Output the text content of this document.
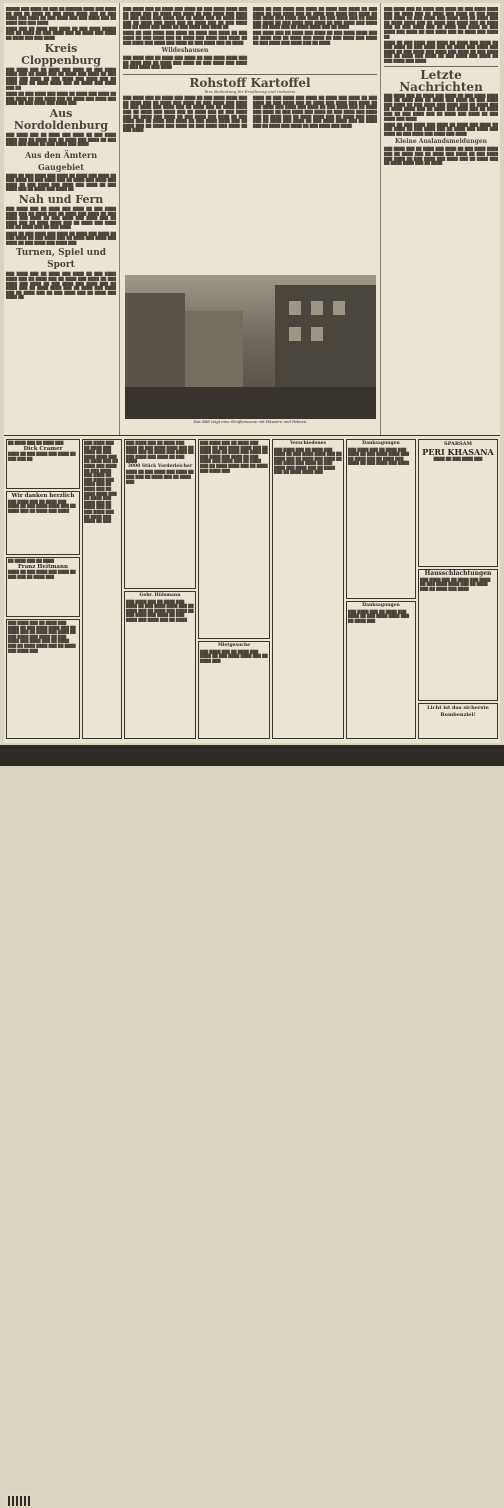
█████ ███ ████ ██ ███ ██ ██████ ████ ███ ████ ██ ███ ██ ████ ██ ███ ████ ████ ███ ██ ███ ████ ███ ████ ██ ███ ████ ███ ███ ████ ███ ██ ████ ███ ███ ████

████ ███ ██ ████ ███ ████ ██ ███ ████ █████ ███ ██ ████ ██ ███ ████ ███ ██ ████ ███ ████ ██ ████ ███ ███ ████

Kreis Cloppenburg

███ ████ ███ ██ ████ ███ ████ ██ ███ ████ ████ ███ ██ ████ ███ ██ ████ ███ ████ ██ ███ ████ ███ ████ ██ ███ ████ ███ ████ ███ ██ ████ ███ ██ ████ ████ ███ ██ ████ ███ ████ ███ ██

████ ██ ███ ████ ███ ████ ██ ████ ███ ████ ██ ███ ████ ██ ███ ████ ███ ██ ████ ███ ████ ███ ████ ██ ███ ████ ███ ████ ███

Aus Nordoldenburg

███ ████ ███ ██ ████ ███ ████ ██ ███ ████ ████ ███ ██ ████ ███ ██ ████ ███ ████ ██ ███ ████ ███ ████ ██ ███ ████ ███ ████

Aus den Ämtern Gaugebiet

████ ██ ███ ████ ███ ████ ██ ████ ███ ████ ██ ███ ████ ██ ███ ████ ███ ██ ████ ███ ████ ███ ████ ██ ███ ████ ███ ████ ███ ████ ██ ███ ████ ███ ██ ████ ███ ████ ██

Nah und Fern

███ ████ ███ ██ ████ ███ ████ ██ ███ ████ ████ ███ ██ ████ ███ ██ ████ ███ ████ ██ ███ ████ ███ ████ ██ ███ ████ ███ ████ ███ ██ ████ ███ ██ ████ ████ ███ ██ ████ ███ ████ ███ ██ ████ ███ ██ ███ ████

████ ██ ███ ████ ███ ████ ██ ████ ███ ████ ██ ███ ████ ██ ███ ████ ███ ██ ████ ███ ████ ███ ████ ██ ███ ████ ███ ████ ███

Turnen, Spiel und Sport

███ ████ ███ ██ ████ ███ ████ ██ ███ ████ ████ ███ ██ ████ ███ ██ ████ ███ ████ ██ ███ ████ ███ ████ ██ ███ ████ ███ ████ ███ ██ ████ ███ ██ ████ ████ ███ ██ ████ ███ ████ ███ ██ ████ ███ ██ ███ ████ ███ ██ ████ ███ ████ ██

███ ████ ███ ██ ████ ███ ████ ██ ███ ████ ████ ███ ██ ████ ███ ██ ████ ███ ████ ██ ███ ████ ███ ████ ██ ███ ████ ███ ████ ███ ██ ████ ███ ██ ████ ████ ███ ██ ████ ███ ████ ███ ██ ████ ███ ██ ███ ████ ███ ██ ████ ███ ████ ██ ███ ████ ███ ████ ██

████ ██ ███ ████ ███ ████ ██ ████ ███ ████ ██ ███ ████ ██ ███ ████ ███ ██ ████ ███ ████ ███ ████ ██ ███ ████ ███ ████ ███ ████ ██ ███ ████ ███ ██ ████

Wildeshausen

███ ████ ███ ██ ████ ███ ████ ██ ███ ████ ████ ███ ██ ████ ███ ██ ████ ███ ████ ██ ███ ████ ███ ████ ██ ███ ████ ███ ████

████ ██ ███ ████ ███ ████ ██ ████ ███ ████ ██ ███ ████ ██ ███ ████ ███ ██ ████ ███ ████ ███ ████ ██ ███ ████ ███ ████ ███ ████ ██ ███ ████ ███ ██ ████ ███ ████ ██ ███ ████ ███ ████ ██ ███ ████ ███ ████ ███ ██ ████ ███ ██ ████ ████ ███ ██ ████

███ ████ ███ ██ ████ ███ ████ ██ ███ ████ ████ ███ ██ ████ ███ ██ ████ ███ ████ ██ ███ ████ ███ ████ ██ ███ ████ ███ ████ ███ ██ ████

Rohstoff Kartoffel
Ihre Bedeutung für Ernährung und Industrie

███ ████ ███ ██ ████ ███ ████ ██ ███ ████ ████ ███ ██ ████ ███ ██ ████ ███ ████ ██ ███ ████ ███ ████ ██ ███ ████ ███ ████ ███ ██ ████ ███ ██ ████ ████ ███ ██ ████ ███ ████ ███ ██ ████ ███ ██ ███ ████ ███ ██ ████ ███ ████ ██ ███ ████ ███ ████ ██ ███ ████ ███ ██ ████ ███ ████ ██ ███ ████ ████ ███ ██ ████ ███ ██ ████ ███ ████ ██ ███ ████ ███ ████ ██ ███ ████

████ ██ ███ ████ ███ ████ ██ ████ ███ ████ ██ ███ ████ ██ ███ ████ ███ ██ ████ ███ ████ ███ ████ ██ ███ ████ ███ ████ ███ ████ ██ ███ ████ ███ ██ ████ ███ ████ ██ ███ ████ ███ ████ ██ ███ ████ ███ ████ ███ ██ ████ ███ ██ ████ ████ ███ ██ ████ ███ ████ ███ ██ ████ ███ ████ ██ ███ ████ ████ ███ ██ ████ ███ ██ ████ ███ ████ ██ ███ ████ ███ ████

Das Bild zeigt eine Straßenszene mit Häusern und Fahnen.

███ ████ ███ ██ ████ ███ ████ ██ ███ ████ ████ ███ ██ ████ ███ ██ ████ ███ ████ ██ ███ ████ ███ ████ ██ ███ ████ ███ ████ ███ ██ ████ ███ ██ ████ ████ ███ ██ ████ ███ ████ ███ ██ ████ ███ ██ ███ ████ ███ ██ ████ ███ ████ ██ ███ ████ ███ ████ ██ ███ ████ ███ ██ ████ ███ ████ ██

████ ██ ███ ████ ███ ████ ██ ████ ███ ████ ██ ███ ████ ██ ███ ████ ███ ██ ████ ███ ████ ███ ████ ██ ███ ████ ███ ████ ███ ████ ██ ███ ████ ███ ██ ████ ███ ████ ██ ███ ████ ███ ████ ██ ███ ████ ███ ████

Letzte Nachrichten

███ ████ ███ ██ ████ ███ ████ ██ ███ ████ ████ ███ ██ ████ ███ ██ ████ ███ ████ ██ ███ ████ ███ ████ ██ ███ ████ ███ ████ ███ ██ ████ ███ ██ ████ ████ ███ ██ ████ ███ ████ ███ ██ ████ ███ ██ ███ ████ ███ ██ ████ ███ ████ ██ ███ ████ ███ ████

████ ██ ███ ████ ███ ████ ██ ████ ███ ████ ██ ███ ████ ██ ███ ████ ███ ██ ████ ███ ████ ███ ████ ██ ███ ████ ███ ████ ███ ████

Kleine Auslandsmeldungen

███ ████ ███ ██ ████ ███ ████ ██ ███ ████ ████ ███ ██ ████ ███ ██ ████ ███ ████ ██ ███ ████ ███ ████ ██ ███ ████ ███ ████ ███ ██ ████ ███ ██ ████ ████ ███ ██ ████

██ ████ ███ ██ ████ ███
Dick Cramer
████ ██ ███ ████ ███ ████ ██ ███ ███ ██
Wir danken herzlich
███ ████ ███ ██ ████ ███ ████ ██ ███ ████ ████ ███ ██ ████ ███ ██ ████ ███ ████
██ ████ ███ ██ ████
Franz Heitmann
████ ██ ███ ████ ███ ████ ██ ███ ███ ██ ████ ███
███ ████ ███ ██ ████ ███ ████ ██ ███ ████ ████ ███ ██ ████ ███ ██ ████ ███ ████ ██ ███ ████ ███ ████ ██ ███ ████ ███ ████ ███ ██ ████ ███ ██ ████ ████ ███ ██ ████ ███ ████ ███
███ ████ ███ ██ ████ ███ ████ ██ ███ ████ ████ ███ ██ ████ ███ ██ ████ ███ ████ ██ ███ ████ ███ ████ ██ ███ ████ ███ ████ ███ ██ ████ ███ ██ ████ ████ ███ ██ ████ ███ ████ ███ ██ ████ ███ ██ ███ ████ ███ ██ ████ ███ ████ ██ ███
███ ████ ███ ██ ████ ███ ████ ██ ███ ████ ████ ███ ██ ████ ███ ██ ████ ███ ████ ██ ███ ████ ███ ████ ██ ███ ████
3000 Stück Vorderleicher
████ ██ ███ ████ ███ ████ ██ ███ ███ ██ ████ ███ ██ ████ ███
Gebr. Hülsmann
███ ████ ███ ██ ████ ███ ████ ██ ███ ████ ████ ███ ██ ████ ███ ██ ████ ███ ████ ██ ███ ████ ███ ████ ██ ███ ████ ███ ████ ███ ██ ████
███ ████ ███ ██ ████ ███ ████ ██ ███ ████ ████ ███ ██ ████ ███ ██ ████ ███ ████ ██ ███ ████ ███ ████ ██ ███ ████ ███ ████ ███ ██ ████ ███ ██ ████ ████ ███ ██ ████ ███ ████ ███
Mietgesuche
███ ████ ███ ██ ████ ███ ████ ██ ███ ████ ████ ███ ██ ████ ███
Verschiedenes
███ ████ ███ ██ ████ ███ ████ ██ ███ ████ ████ ███ ██ ████ ███ ██ ████ ███ ████ ██ ███ ████ ███ ████ ██ ███ ████ ███ ████ ███ ██ ████ ███ ██ ████ ████ ███
Danksagungen
███ ████ ███ ██ ████ ███ ████ ██ ███ ████ ████ ███ ██ ████ ███ ██ ████ ███ ████ ██ ███ ████ ███ ████
Danksagungen
███ ████ ███ ██ ████ ███ ████ ██ ███ ████ ████ ███ ██ ████ ███
SPARSAM
PERI KHASANA
████ ██ ███ ████ ███
Hausschlachtungen
███ ████ ███ ██ ████ ███ ████ ██ ███ ████ ████ ███ ██ ████ ███ ██ ████ ███ ████
Licht ist das sicherste Bombenziel!
